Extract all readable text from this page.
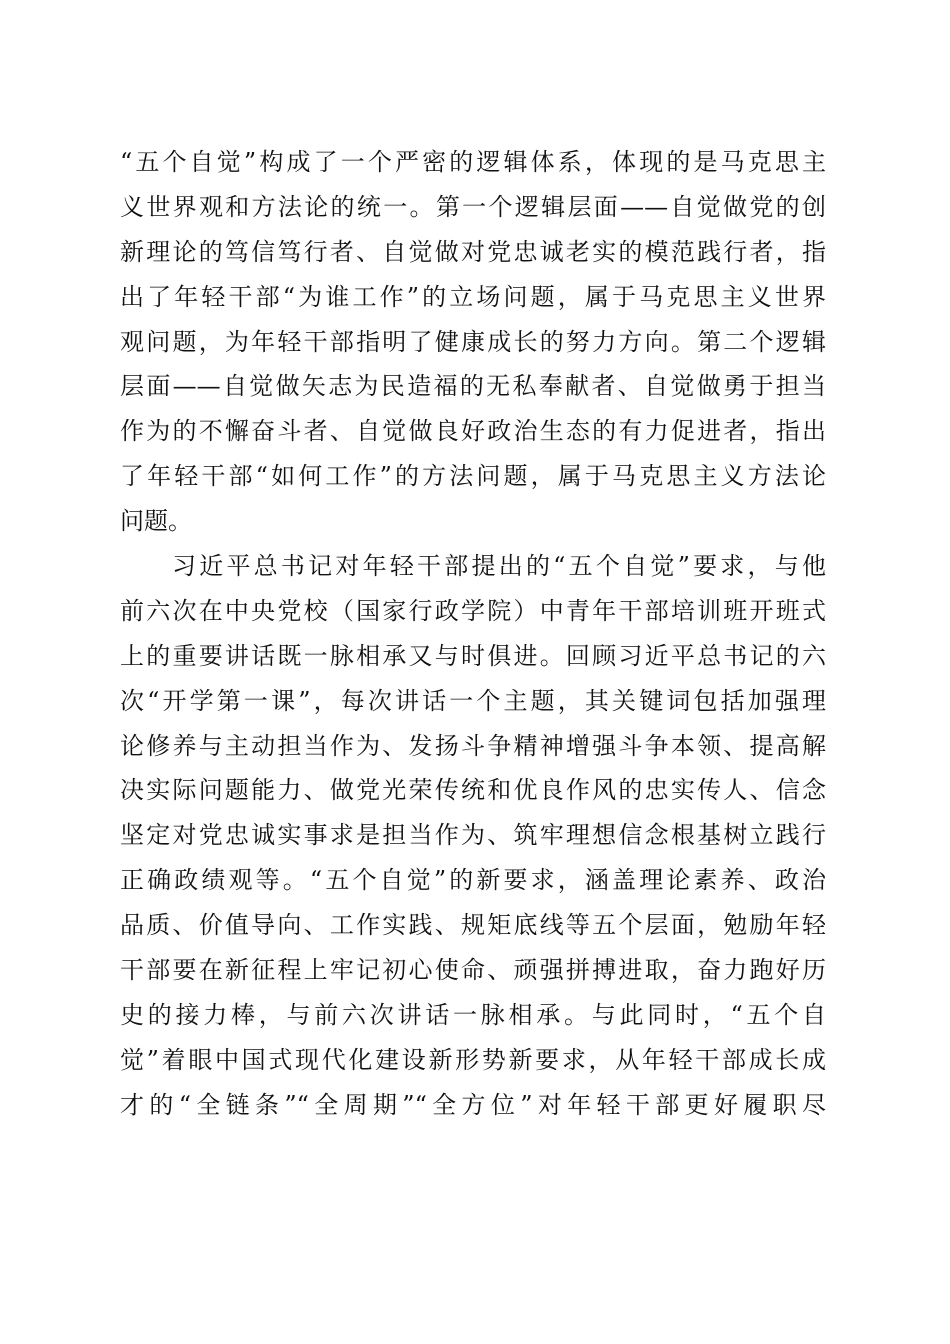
“五个自觉”构成了一个严密的逻辑体系，体现的是马克思主
义世界观和方法论的统一。第一个逻辑层面——自觉做党的创
新理论的笃信笃行者、自觉做对党忠诚老实的模范践行者，指
出了年轻干部“为谁工作”的立场问题，属于马克思主义世界
观问题，为年轻干部指明了健康成长的努力方向。第二个逻辑
层面——自觉做矢志为民造福的无私奉献者、自觉做勇于担当
作为的不懈奋斗者、自觉做良好政治生态的有力促进者，指出
了年轻干部“如何工作”的方法问题，属于马克思主义方法论
问题。
习近平总书记对年轻干部提出的“五个自觉”要求，与他
前六次在中央党校（国家行政学院）中青年干部培训班开班式
上的重要讲话既一脉相承又与时俱进。回顾习近平总书记的六
次“开学第一课”，每次讲话一个主题，其关键词包括加强理
论修养与主动担当作为、发扬斗争精神增强斗争本领、提高解
决实际问题能力、做党光荣传统和优良作风的忠实传人、信念
坚定对党忠诚实事求是担当作为、筑牢理想信念根基树立践行
正确政绩观等。“五个自觉”的新要求，涵盖理论素养、政治
品质、价值导向、工作实践、规矩底线等五个层面，勉励年轻
干部要在新征程上牢记初心使命、顽强拼搏进取，奋力跑好历
史的接力棒，与前六次讲话一脉相承。与此同时，“五个自
觉”着眼中国式现代化建设新形势新要求，从年轻干部成长成
才的“全链条”“全周期”“全方位”对年轻干部更好履职尽
